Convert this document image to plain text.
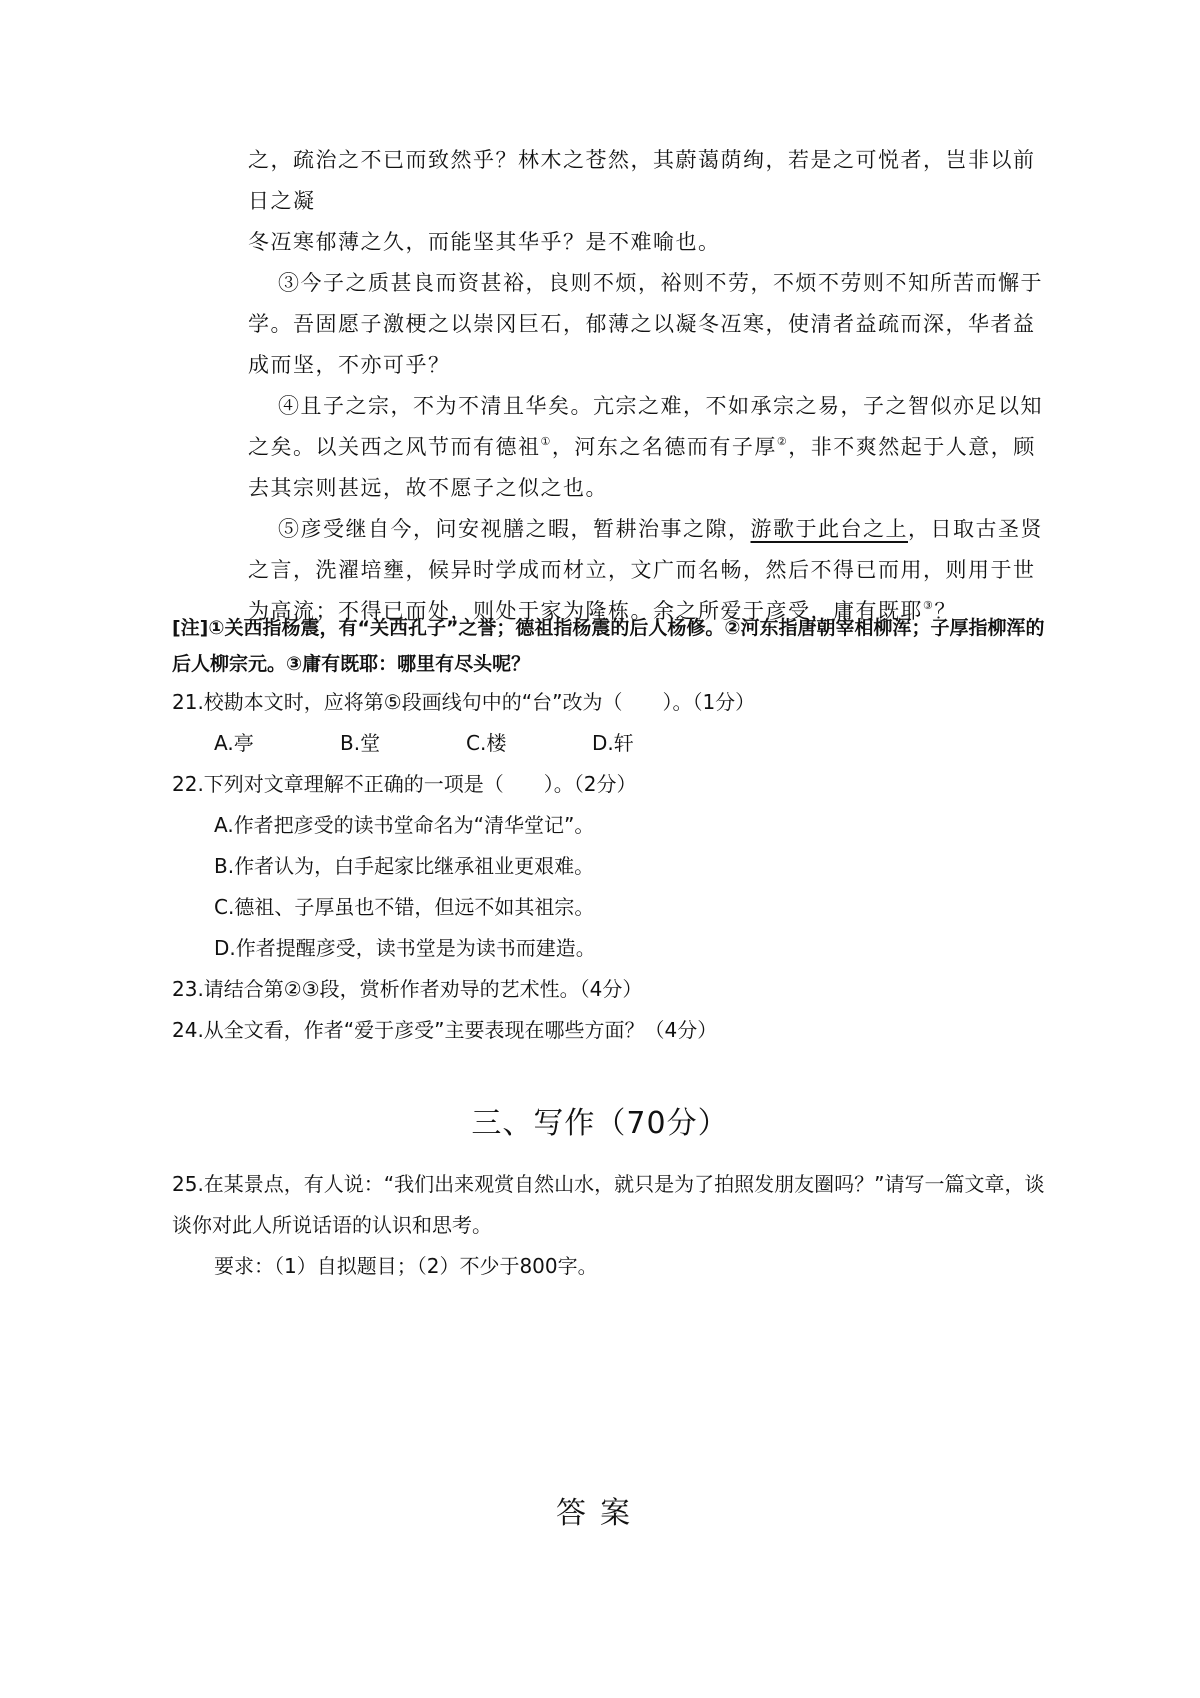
之，疏治之不已而致然乎？林木之苍然，其蔚蔼荫绚，若是之可悦者，岂非以前日之凝

冬冱寒郁薄之久，而能坚其华乎？是不难喻也。

③今子之质甚良而资甚裕，良则不烦，裕则不劳，不烦不劳则不知所苦而懈于学。吾固愿子激梗之以崇冈巨石，郁薄之以凝冬冱寒，使清者益疏而深，华者益成而坚，不亦可乎？

④且子之宗，不为不清且华矣。亢宗之难，不如承宗之易，子之智似亦足以知之矣。以关西之风节而有德祖①，河东之名德而有子厚②，非不爽然起于人意，顾去其宗则甚远，故不愿子之似之也。

⑤彦受继自今，问安视膳之暇，暂耕治事之隙，游歌于此台之上，日取古圣贤之言，洗濯培壅，候异时学成而材立，文广而名畅，然后不得已而用，则用于世为高流；不得已而处，则处于家为隆栋。余之所爱于彦受，庸有既耶③？

[注]①关西指杨震，有“关西孔子”之誉；德祖指杨震的后人杨修。②河东指唐朝宰相柳浑；子厚指柳浑的后人柳宗元。③庸有既耶：哪里有尽头呢？

21.校勘本文时，应将第⑤段画线句中的“台”改为（　　）。（1分）

A.亭	B.堂	C.楼	D.轩

22.下列对文章理解不正确的一项是（　　）。（2分）

A.作者把彦受的读书堂命名为“清华堂记”。

B.作者认为，白手起家比继承祖业更艰难。

C.德祖、子厚虽也不错，但远不如其祖宗。

D.作者提醒彦受，读书堂是为读书而建造。

23.请结合第②③段，赏析作者劝导的艺术性。（4分）

24.从全文看，作者“爱于彦受”主要表现在哪些方面？（4分）

三、写作（70分）

25.在某景点，有人说：“我们出来观赏自然山水，就只是为了拍照发朋友圈吗？”请写一篇文章，谈谈你对此人所说话语的认识和思考。

要求：（1）自拟题目；（2）不少于800字。

答案
